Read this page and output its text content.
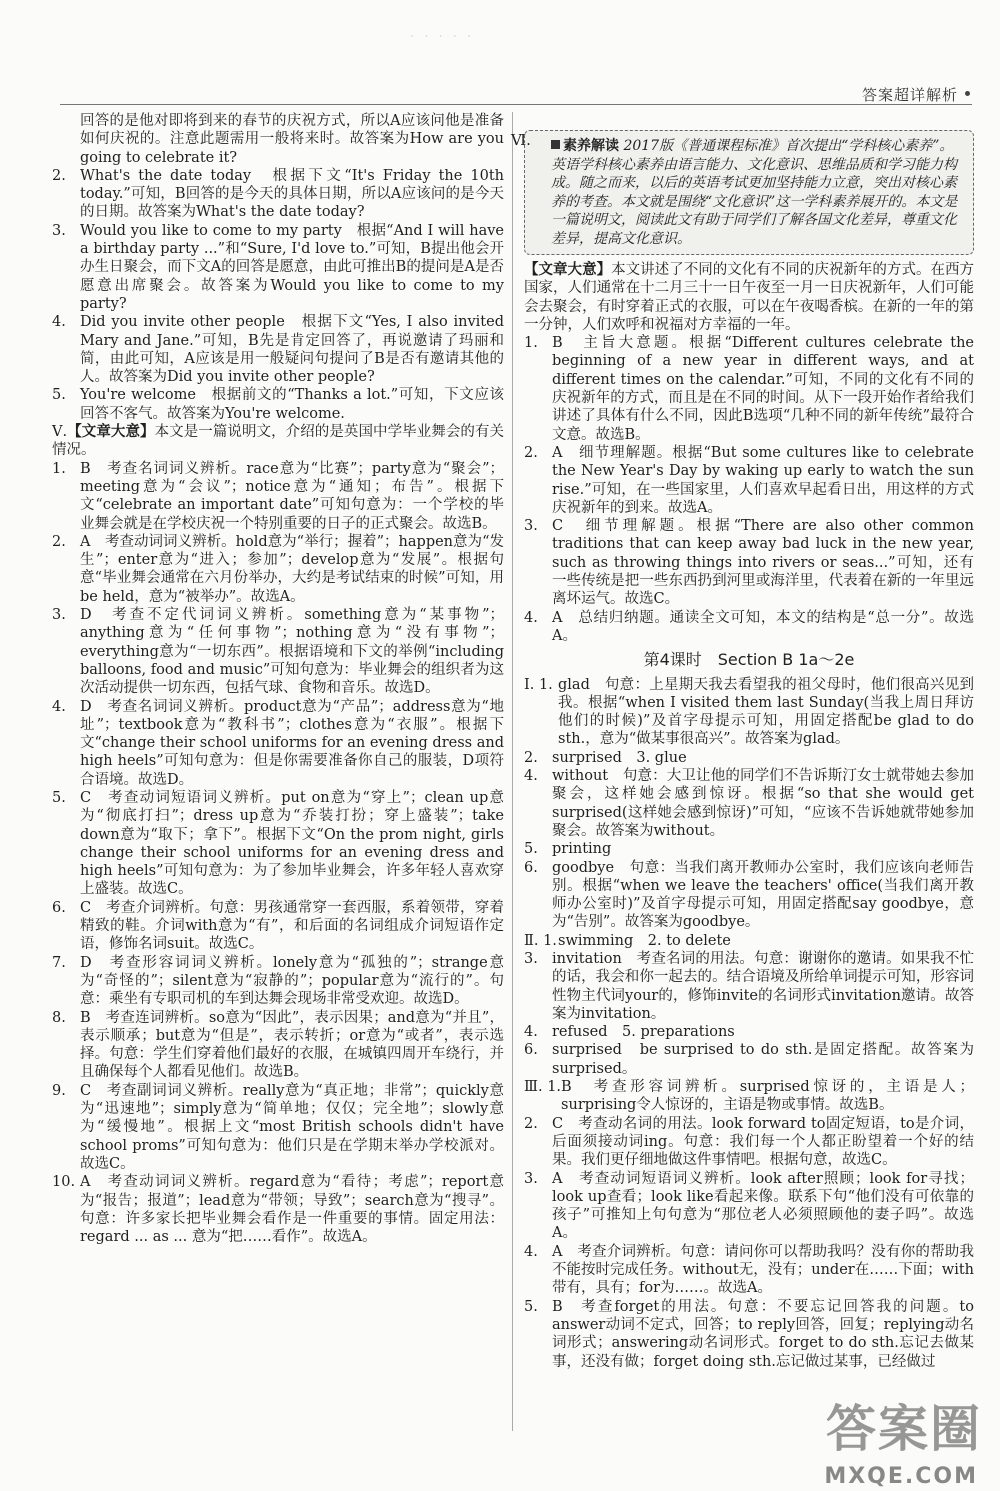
· · · · ·
答案超详解析

回答的是他对即将到来的春节的庆祝方式，所以A应该问他是准备如何庆祝的。注意此题需用一般将来时。故答案为How are you going to celebrate it?

2. What's the date today　根据下文“It's Friday the 10th today.”可知，B回答的是今天的具体日期，所以A应该问的是今天的日期。故答案为What's the date today?
3. Would you like to come to my party　根据“And I will have a birthday party ...”和“Sure, I'd love to.”可知，B提出他会开办生日聚会，而下文A的回答是愿意，由此可推出B的提问是A是否愿意出席聚会。故答案为Would you like to come to my party?
4. Did you invite other people　根据下文“Yes, I also invited Mary and Jane.”可知，B先是肯定回答了，再说邀请了玛丽和简，由此可知，A应该是用一般疑问句提问了B是否有邀请其他的人。故答案为Did you invite other people?
5. You're welcome　根据前文的“Thanks a lot.”可知，下文应该回答不客气。故答案为You're welcome.

Ⅴ.【文章大意】本文是一篇说明文，介绍的是英国中学毕业舞会的有关情况。

1. B　考查名词词义辨析。race意为“比赛”；party意为“聚会”；meeting意为“会议”；notice意为“通知；布告”。根据下文“celebrate an important date”可知句意为：一个学校的毕业舞会就是在学校庆祝一个特别重要的日子的正式聚会。故选B。
2. A　考查动词词义辨析。hold意为“举行；握着”；happen意为“发生”；enter意为“进入；参加”；develop意为“发展”。根据句意“毕业舞会通常在六月份举办，大约是考试结束的时候”可知，用be held，意为“被举办”。故选A。
3. D　考查不定代词词义辨析。something意为“某事物”；anything意为“任何事物”；nothing意为“没有事物”；everything意为“一切东西”。根据语境和下文的举例“including balloons, food and music”可知句意为：毕业舞会的组织者为这次活动提供一切东西，包括气球、食物和音乐。故选D。
4. D　考查名词词义辨析。product意为“产品”；address意为“地址”；textbook意为“教科书”；clothes意为“衣服”。根据下文“change their school uniforms for an evening dress and high heels”可知句意为：但是你需要准备你自己的服装，D项符合语境。故选D。
5. C　考查动词短语词义辨析。put on意为“穿上”；clean up意为“彻底打扫”；dress up意为“乔装打扮；穿上盛装”；take down意为“取下；拿下”。根据下文“On the prom night, girls change their school uniforms for an evening dress and high heels”可知句意为：为了参加毕业舞会，许多年轻人喜欢穿上盛装。故选C。
6. C　考查介词辨析。句意：男孩通常穿一套西服，系着领带，穿着精致的鞋。介词with意为“有”，和后面的名词组成介词短语作定语，修饰名词suit。故选C。
7. D　考查形容词词义辨析。lonely意为“孤独的”；strange意为“奇怪的”；silent意为“寂静的”；popular意为“流行的”。句意：乘坐有专职司机的车到达舞会现场非常受欢迎。故选D。
8. B　考查连词辨析。so意为“因此”，表示因果；and意为“并且”，表示顺承；but意为“但是”，表示转折；or意为“或者”，表示选择。句意：学生们穿着他们最好的衣服，在城镇四周开车绕行，并且确保每个人都看见他们。故选B。
9. C　考查副词词义辨析。really意为“真正地；非常”；quickly意为“迅速地”；simply意为“简单地；仅仅；完全地”；slowly意为“缓慢地”。根据上文“most British schools didn't have school proms”可知句意为：他们只是在学期末举办学校派对。故选C。
10. A　考查动词词义辨析。regard意为“看待；考虑”；report意为“报告；报道”；lead意为“带领；导致”；search意为“搜寻”。句意：许多家长把毕业舞会看作是一件重要的事情。固定用法：regard ... as ... 意为“把……看作”。故选A。
Ⅵ. 素养解读 2017版《普通课程标准》首次提出“学科核心素养”。英语学科核心素养由语言能力、文化意识、思维品质和学习能力构成。随之而来，以后的英语考试更加坚持能力立意，突出对核心素养的考查。本文就是围绕“文化意识”这一学科素养展开的。本文是一篇说明文，阅读此文有助于同学们了解各国文化差异，尊重文化差异，提高文化意识。

【文章大意】本文讲述了不同的文化有不同的庆祝新年的方式。在西方国家，人们通常在十二月三十一日午夜至一月一日庆祝新年，人们可能会去聚会，有时穿着正式的衣服，可以在午夜喝香槟。在新的一年的第一分钟，人们欢呼和祝福对方幸福的一年。

1. B　主旨大意题。根据“Different cultures celebrate the beginning of a new year in different ways, and at different times on the calendar.”可知，不同的文化有不同的庆祝新年的方式，而且是在不同的时间。从下一段开始作者给我们讲述了具体有什么不同，因此B选项“几种不同的新年传统”最符合文意。故选B。
2. A　细节理解题。根据“But some cultures like to celebrate the New Year's Day by waking up early to watch the sun rise.”可知，在一些国家里，人们喜欢早起看日出，用这样的方式庆祝新年的到来。故选A。
3. C　细节理解题。根据“There are also other common traditions that can keep away bad luck in the new year, such as throwing things into rivers or seas...”可知，还有一些传统是把一些东西扔到河里或海洋里，代表着在新的一年里远离坏运气。故选C。
4. A　总结归纳题。通读全文可知，本文的结构是“总一分”。故选A。
第4课时　Section B 1a～2e
Ⅰ. 1. glad　句意：上星期天我去看望我的祖父母时，他们很高兴见到我。根据“when I visited them last Sunday(当我上周日拜访他们的时候)”及首字母提示可知，用固定搭配be glad to do sth.，意为“做某事很高兴”。故答案为glad。
2. surprised　3. glue
4. without　句意：大卫让他的同学们不告诉斯汀女士就带她去参加聚会，这样她会感到惊讶。根据“so that she would get surprised(这样她会感到惊讶)”可知，“应该不告诉她就带她参加聚会。故答案为without。
5. printing
6. goodbye　句意：当我们离开教师办公室时，我们应该向老师告别。根据“when we leave the teachers' office(当我们离开教师办公室时)”及首字母提示可知，用固定搭配say goodbye，意为“告别”。故答案为goodbye。
Ⅱ. 1. swimming　2. to delete
3. invitation　考查名词的用法。句意：谢谢你的邀请。如果我不忙的话，我会和你一起去的。结合语境及所给单词提示可知，形容词性物主代词your的，修饰invite的名词形式invitation邀请。故答案为invitation。
4. refused　5. preparations
6. surprised　be surprised to do sth.是固定搭配。故答案为surprised。
Ⅲ. 1. B　考查形容词辨析。surprised惊讶的，主语是人；surprising令人惊讶的，主语是物或事情。故选B。
2. C　考查动名词的用法。look forward to固定短语，to是介词，后面须接动词ing。句意：我们每一个人都正盼望着一个好的结果。我们更仔细地做这件事情吧。根据句意，故选C。
3. A　考查动词短语词义辨析。look after照顾；look for寻找；look up查看；look like看起来像。联系下句“他们没有可依靠的孩子”可推知上句句意为“那位老人必须照顾他的妻子吗”。故选A。
4. A　考查介词辨析。句意：请问你可以帮助我吗？没有你的帮助我不能按时完成任务。without无，没有；under在……下面；with带有，具有；for为……。故选A。
5. B　考查forget的用法。句意：不要忘记回答我的问题。to answer动词不定式，回答；to reply回答，回复；replying动名词形式；answering动名词形式。forget to do sth.忘记去做某事，还没有做；forget doing sth.忘记做过某事，已经做过
答案圈
MXQE.COM
